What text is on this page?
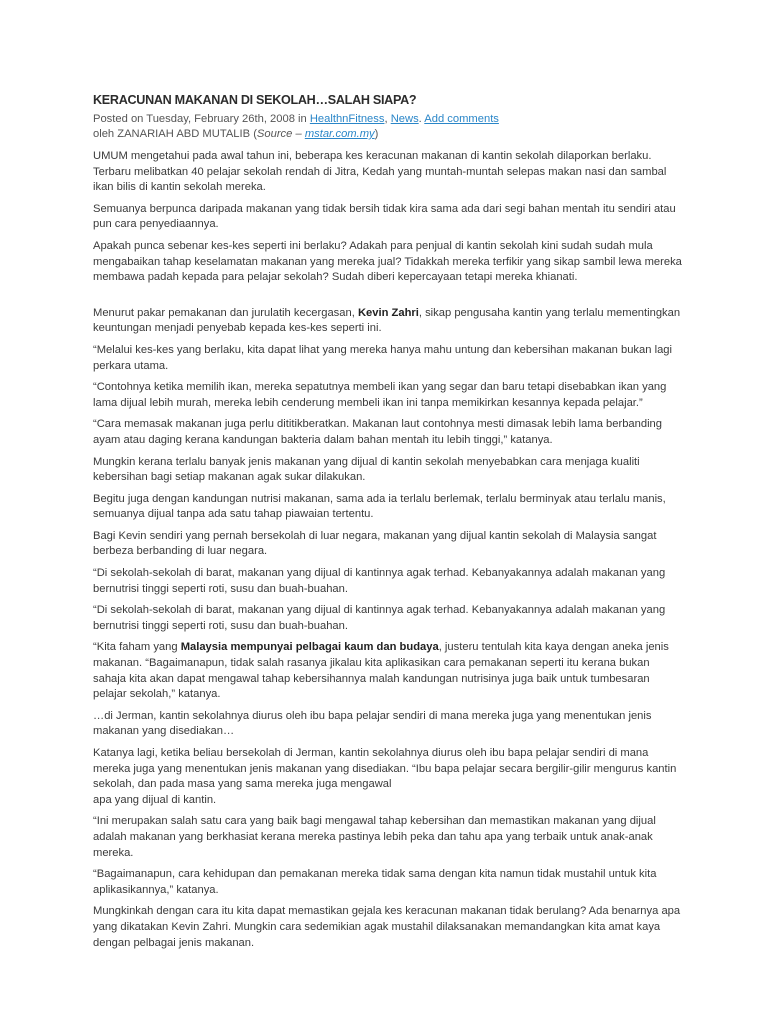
KERACUNAN MAKANAN DI SEKOLAH…SALAH SIAPA?
Posted on Tuesday, February 26th, 2008 in HealthnFitness, News. Add comments
oleh ZANARIAH ABD MUTALIB (Source – mstar.com.my)

UMUM mengetahui pada awal tahun ini, beberapa kes keracunan makanan di kantin sekolah dilaporkan berlaku. Terbaru melibatkan 40 pelajar sekolah rendah di Jitra, Kedah yang muntah-muntah selepas makan nasi dan sambal ikan bilis di kantin sekolah mereka.

Semuanya berpunca daripada makanan yang tidak bersih tidak kira sama ada dari segi bahan mentah itu sendiri atau pun cara penyediaannya.

Apakah punca sebenar kes-kes seperti ini berlaku? Adakah para penjual di kantin sekolah kini sudah sudah mula mengabaikan tahap keselamatan makanan yang mereka jual? Tidakkah mereka terfikir yang sikap sambil lewa mereka membawa padah kepada para pelajar sekolah? Sudah diberi kepercayaan tetapi mereka khianati.

Menurut pakar pemakanan dan jurulatih kecergasan, Kevin Zahri, sikap pengusaha kantin yang terlalu mementingkan keuntungan menjadi penyebab kepada kes-kes seperti ini.

“Melalui kes-kes yang berlaku, kita dapat lihat yang mereka hanya mahu untung dan kebersihan makanan bukan lagi perkara utama.

“Contohnya ketika memilih ikan, mereka sepatutnya membeli ikan yang segar dan baru tetapi disebabkan ikan yang lama dijual lebih murah, mereka lebih cenderung membeli ikan ini tanpa memikirkan kesannya kepada pelajar.”

“Cara memasak makanan juga perlu dititikberatkan. Makanan laut contohnya mesti dimasak lebih lama berbanding ayam atau daging kerana kandungan bakteria dalam bahan mentah itu lebih tinggi,” katanya.

Mungkin kerana terlalu banyak jenis makanan yang dijual di kantin sekolah menyebabkan cara menjaga kualiti kebersihan bagi setiap makanan agak sukar dilakukan.

Begitu juga dengan kandungan nutrisi makanan, sama ada ia terlalu berlemak, terlalu berminyak atau terlalu manis, semuanya dijual tanpa ada satu tahap piawaian tertentu.

Bagi Kevin sendiri yang pernah bersekolah di luar negara, makanan yang dijual kantin sekolah di Malaysia sangat berbeza berbanding di luar negara.

“Di sekolah-sekolah di barat, makanan yang dijual di kantinnya agak terhad. Kebanyakannya adalah makanan yang bernutrisi tinggi seperti roti, susu dan buah-buahan.

“Di sekolah-sekolah di barat, makanan yang dijual di kantinnya agak terhad. Kebanyakannya adalah makanan yang bernutrisi tinggi seperti roti, susu dan buah-buahan.

“Kita faham yang Malaysia mempunyai pelbagai kaum dan budaya, justeru tentulah kita kaya dengan aneka jenis makanan. “Bagaimanapun, tidak salah rasanya jikalau kita aplikasikan cara pemakanan seperti itu kerana bukan sahaja kita akan dapat mengawal tahap kebersihannya malah kandungan nutrisinya juga baik untuk tumbesaran pelajar sekolah,” katanya.

…di Jerman, kantin sekolahnya diurus oleh ibu bapa pelajar sendiri di mana mereka juga yang menentukan jenis makanan yang disediakan…

Katanya lagi, ketika beliau bersekolah di Jerman, kantin sekolahnya diurus oleh ibu bapa pelajar sendiri di mana mereka juga yang menentukan jenis makanan yang disediakan. “Ibu bapa pelajar secara bergilir-gilir mengurus kantin sekolah, dan pada masa yang sama mereka juga mengawal
apa yang dijual di kantin.

“Ini merupakan salah satu cara yang baik bagi mengawal tahap kebersihan dan memastikan makanan yang dijual adalah makanan yang berkhasiat kerana mereka pastinya lebih peka dan tahu apa yang terbaik untuk anak-anak mereka.

“Bagaimanapun, cara kehidupan dan pemakanan mereka tidak sama dengan kita namun tidak mustahil untuk kita aplikasikannya,” katanya.

Mungkinkah dengan cara itu kita dapat memastikan gejala kes keracunan makanan tidak berulang? Ada benarnya apa yang dikatakan Kevin Zahri. Mungkin cara sedemikian agak mustahil dilaksanakan memandangkan kita amat kaya dengan pelbagai jenis makanan.
